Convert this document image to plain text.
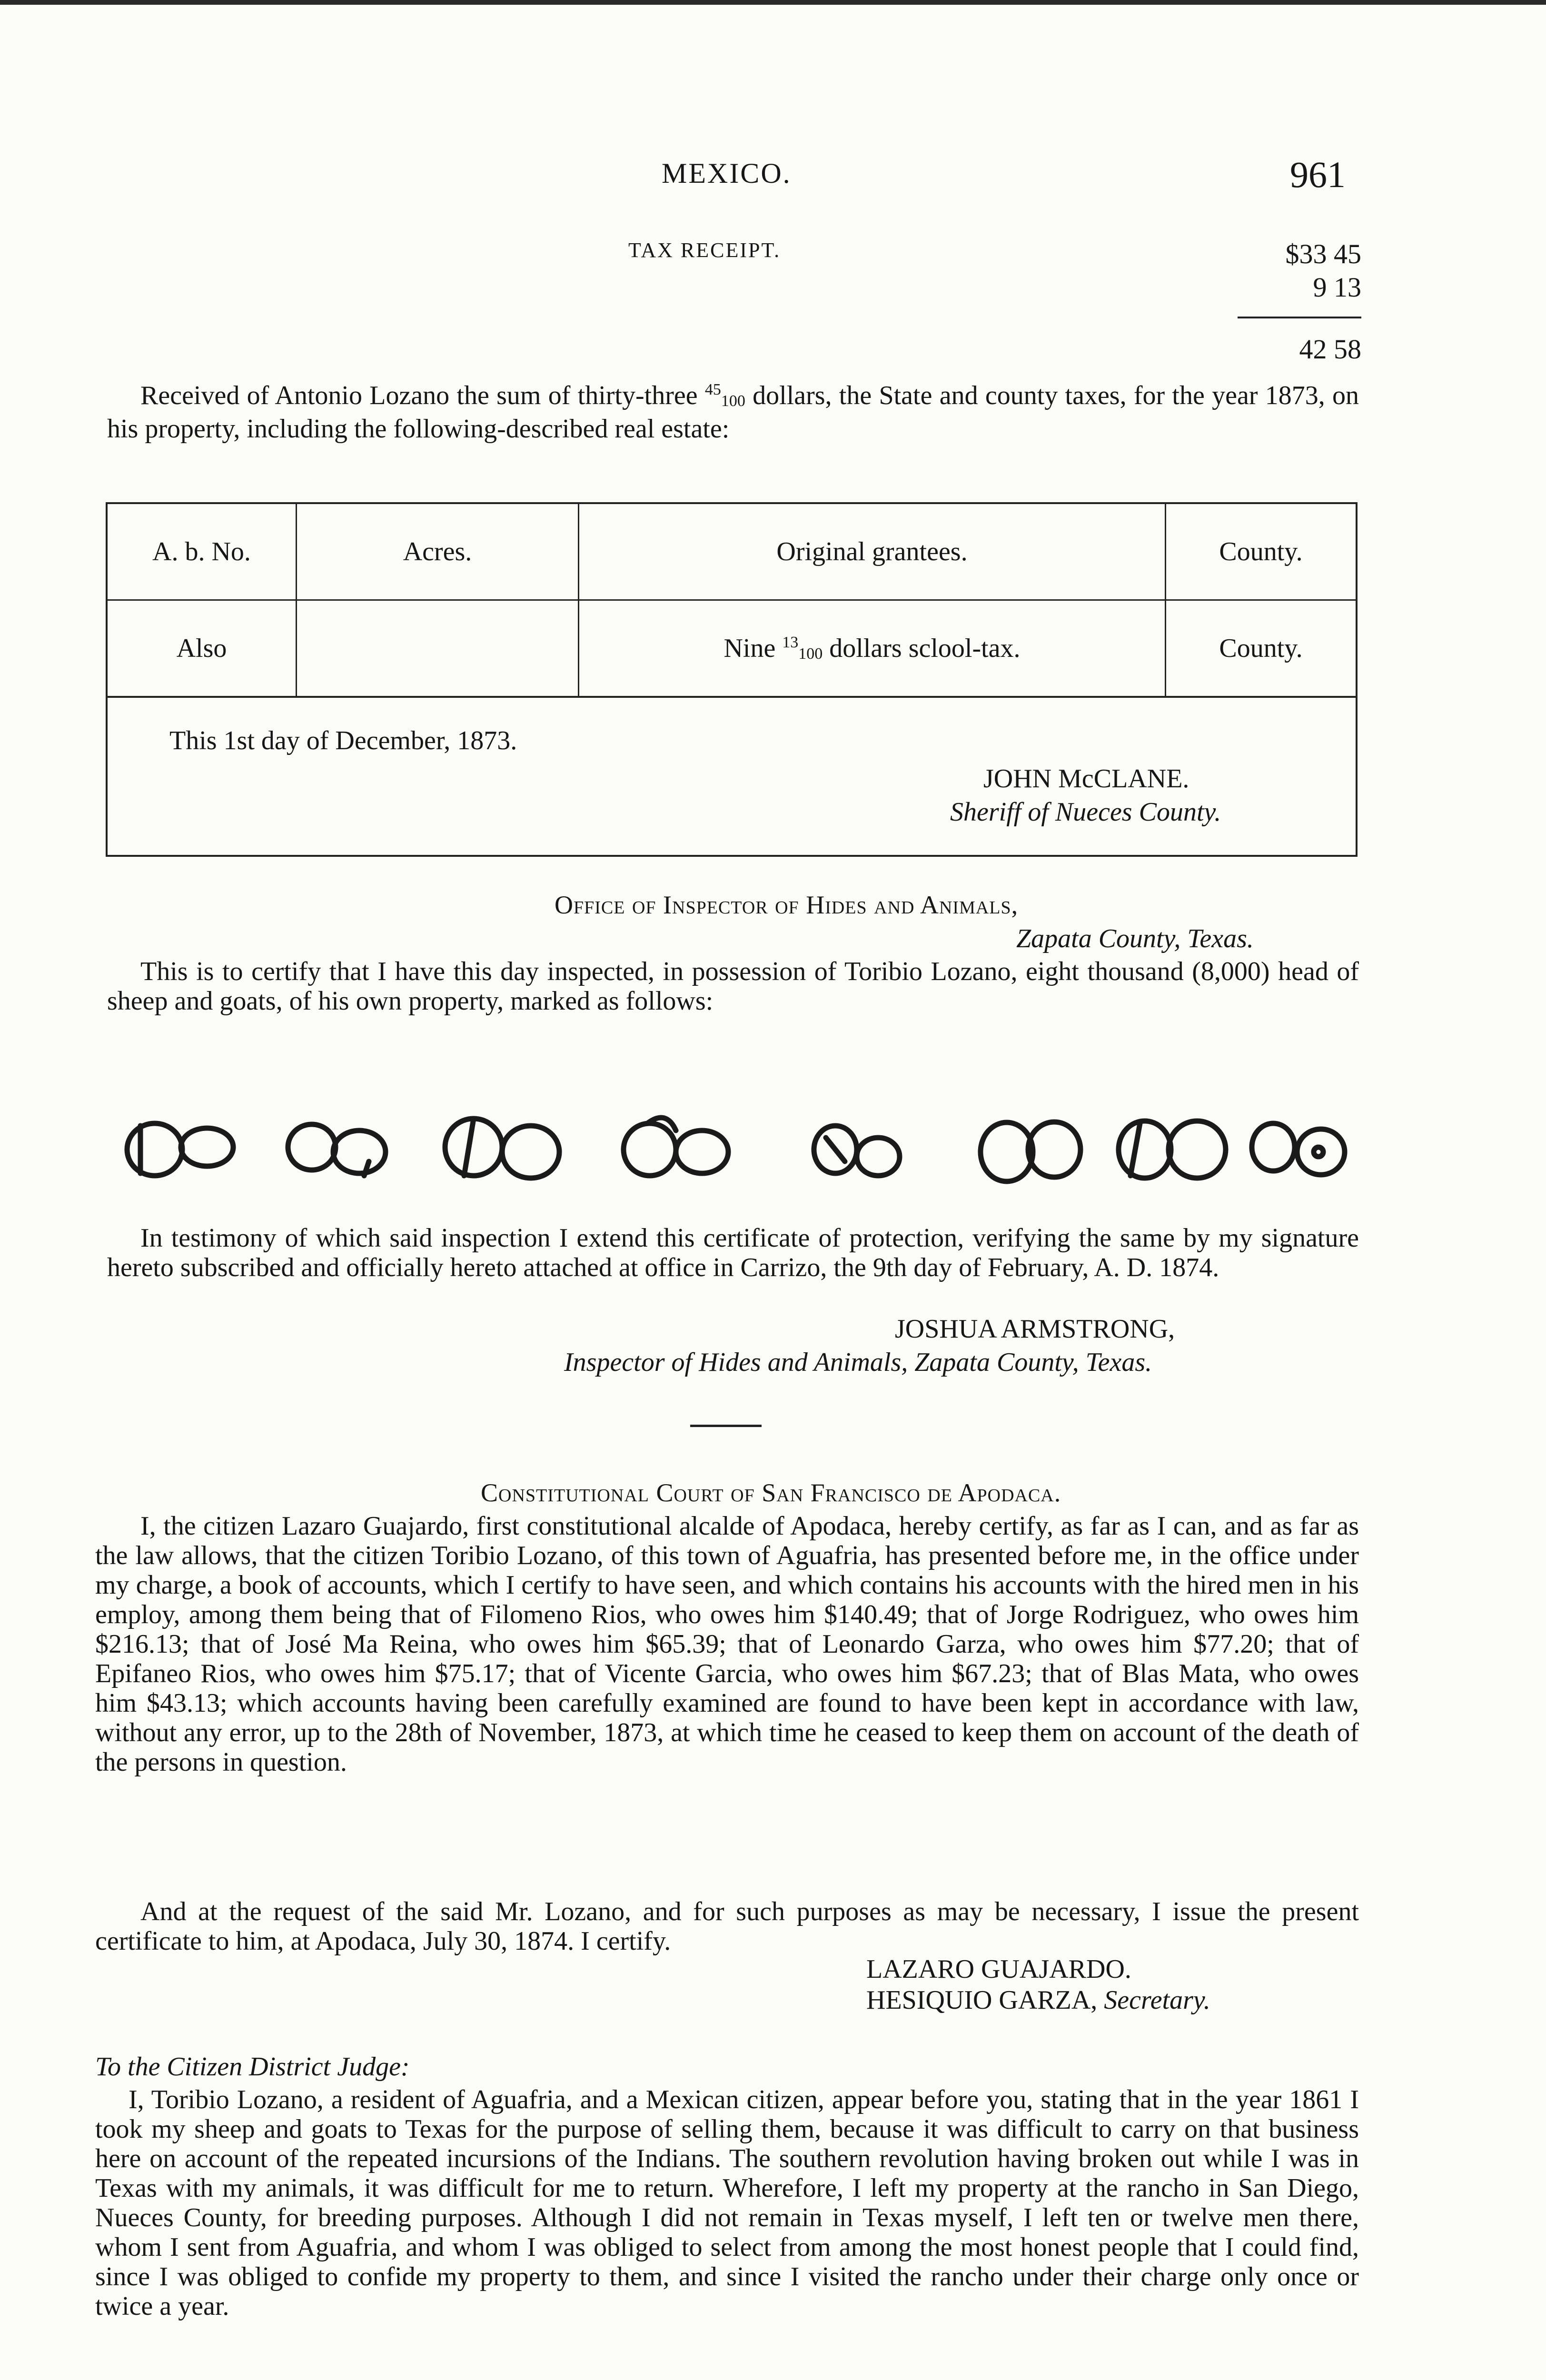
MEXICO.	961
TAX RECEIPT.	$33 45
9 13
42 58
Received of Antonio Lozano the sum of thirty-three $^{45}$100 dollars, the State and county taxes, for the year 1873, on his property, including the following-described real estate:
A. b. No.	Acres.	Original grantees.	County.
Also		Nine $^{13}$100 dollars sclool-tax.	County.
This 1st day of December, 1873.
JOHN McCLANE.
Sheriff of Nueces County.
Office of Inspector of Hides and Animals,
Zapata County, Texas.
This is to certify that I have this day inspected, in possession of Toribio Lozano, eight thousand (8,000) head of sheep and goats, of his own property, marked as follows:
In testimony of which said inspection I extend this certificate of protection, verifying the same by my signature hereto subscribed and officially hereto attached at office in Carrizo, the 9th day of February, A. D. 1874.
JOSHUA ARMSTRONG,
Inspector of Hides and Animals, Zapata County, Texas.
Constitutional Court of San Francisco de Apodaca.
I, the citizen Lazaro Guajardo, first constitutional alcalde of Apodaca, hereby certify, as far as I can, and as far as the law allows, that the citizen Toribio Lozano, of this town of Aguafria, has presented before me, in the office under my charge, a book of accounts, which I certify to have seen, and which contains his accounts with the hired men in his employ, among them being that of Filomeno Rios, who owes him $140.49; that of Jorge Rodriguez, who owes him $216.13; that of José Ma Reina, who owes him $65.39; that of Leonardo Garza, who owes him $77.20; that of Epifaneo Rios, who owes him $75.17; that of Vicente Garcia, who owes him $67.23; that of Blas Mata, who owes him $43.13; which accounts having been carefully examined are found to have been kept in accordance with law, without any error, up to the 28th of November, 1873, at which time he ceased to keep them on account of the death of the persons in question.
And at the request of the said Mr. Lozano, and for such purposes as may be necessary, I issue the present certificate to him, at Apodaca, July 30, 1874. I certify.
LAZARO GUAJARDO.
HESIQUIO GARZA, Secretary.
To the Citizen District Judge:
I, Toribio Lozano, a resident of Aguafria, and a Mexican citizen, appear before you, stating that in the year 1861 I took my sheep and goats to Texas for the purpose of selling them, because it was difficult to carry on that business here on account of the repeated incursions of the Indians. The southern revolution having broken out while I was in Texas with my animals, it was difficult for me to return. Wherefore, I left my property at the rancho in San Diego, Nueces County, for breeding purposes. Although I did not remain in Texas myself, I left ten or twelve men there, whom I sent from Aguafria, and whom I was obliged to select from among the most honest people that I could find, since I was obliged to confide my property to them, and since I visited the rancho under their charge only once or twice a year.
